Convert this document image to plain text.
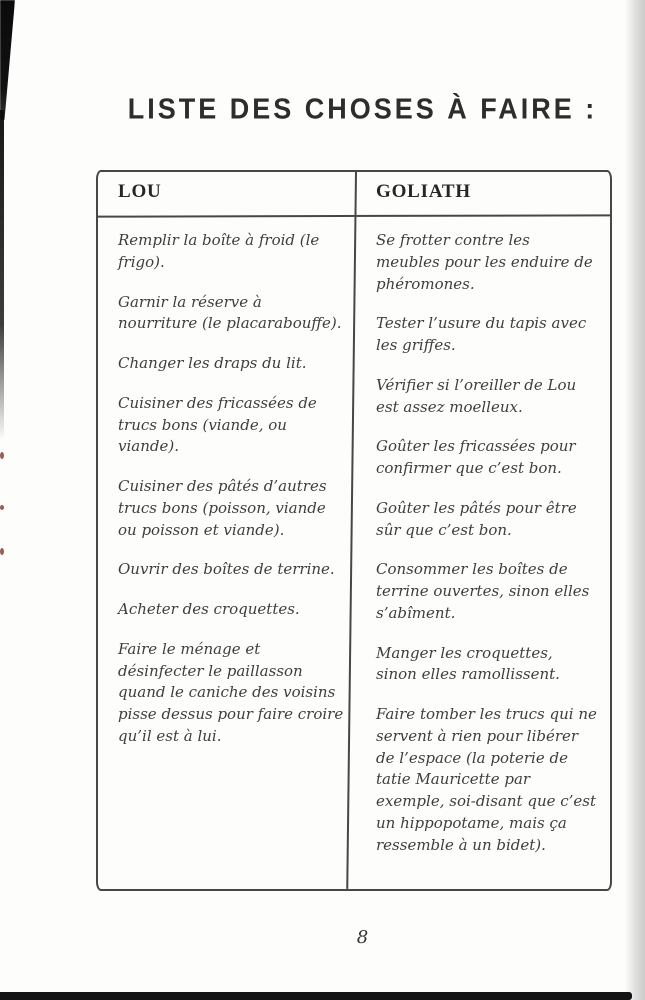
LISTE DES CHOSES À FAIRE :
LOU	GOLIATH

Remplir la boîte à froid (le frigo).

Garnir la réserve à nourriture (le placarabouffe).

Changer les draps du lit.

Cuisiner des fricassées de trucs bons (viande, ou viande).

Cuisiner des pâtés d’autres trucs bons (poisson, viande ou poisson et viande).

Ouvrir des boîtes de terrine.

Acheter des croquettes.

Faire le ménage et désinfecter le paillasson quand le caniche des voisins pisse dessus pour faire croire qu’il est à lui.

Se frotter contre les meubles pour les enduire de phéromones.

Tester l’usure du tapis avec les griffes.

Vérifier si l’oreiller de Lou est assez moelleux.

Goûter les fricassées pour confirmer que c’est bon.

Goûter les pâtés pour être sûr que c’est bon.

Consommer les boîtes de terrine ouvertes, sinon elles s’abîment.

Manger les croquettes, sinon elles ramollissent.

Faire tomber les trucs qui ne servent à rien pour libérer de l’espace (la poterie de tatie Mauricette par exemple, soi-disant que c’est un hippopotame, mais ça ressemble à un bidet).

8
